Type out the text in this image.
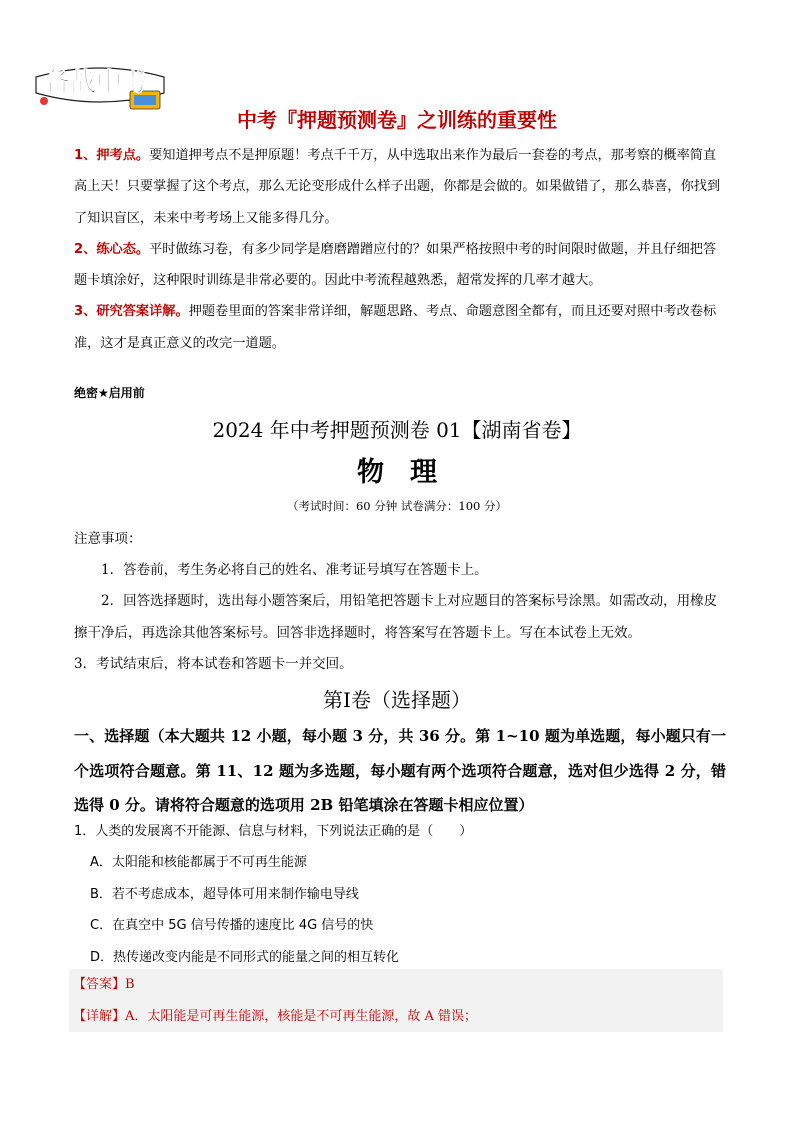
备战中考
中考『押题预测卷』之训练的重要性

1、押考点。要知道押考点不是押原题！考点千千万，从中选取出来作为最后一套卷的考点，那考察的概率简直高上天！只要掌握了这个考点，那么无论变形成什么样子出题，你都是会做的。如果做错了，那么恭喜，你找到了知识盲区，未来中考考场上又能多得几分。

2、练心态。平时做练习卷，有多少同学是磨磨蹭蹭应付的？如果严格按照中考的时间限时做题，并且仔细把答题卡填涂好，这种限时训练是非常必要的。因此中考流程越熟悉，超常发挥的几率才越大。

3、研究答案详解。押题卷里面的答案非常详细，解题思路、考点、命题意图全都有，而且还要对照中考改卷标准，这才是真正意义的改完一道题。

绝密★启用前
2024 年中考押题预测卷 01【湖南省卷】
物理
（考试时间：60 分钟 试卷满分：100 分）

注意事项：

1．答卷前，考生务必将自己的姓名、准考证号填写在答题卡上。

2．回答选择题时，选出每小题答案后，用铅笔把答题卡上对应题目的答案标号涂黑。如需改动，用橡皮擦干净后，再选涂其他答案标号。回答非选择题时，将答案写在答题卡上。写在本试卷上无效。

3．考试结束后，将本试卷和答题卡一并交回。

第Ⅰ卷（选择题）
一、选择题（本大题共 12 小题，每小题 3 分，共 36 分。第 1~10 题为单选题，每小题只有一个选项符合题意。第 11、12 题为多选题，每小题有两个选项符合题意，选对但少选得 2 分，错选得 0 分。请将符合题意的选项用 2B 铅笔填涂在答题卡相应位置）

1．人类的发展离不开能源、信息与材料，下列说法正确的是（　　）

A．太阳能和核能都属于不可再生能源

B．若不考虑成本，超导体可用来制作输电导线

C．在真空中 5G 信号传播的速度比 4G 信号的快

D．热传递改变内能是不同形式的能量之间的相互转化

【答案】B

【详解】A．太阳能是可再生能源，核能是不可再生能源，故 A 错误；
